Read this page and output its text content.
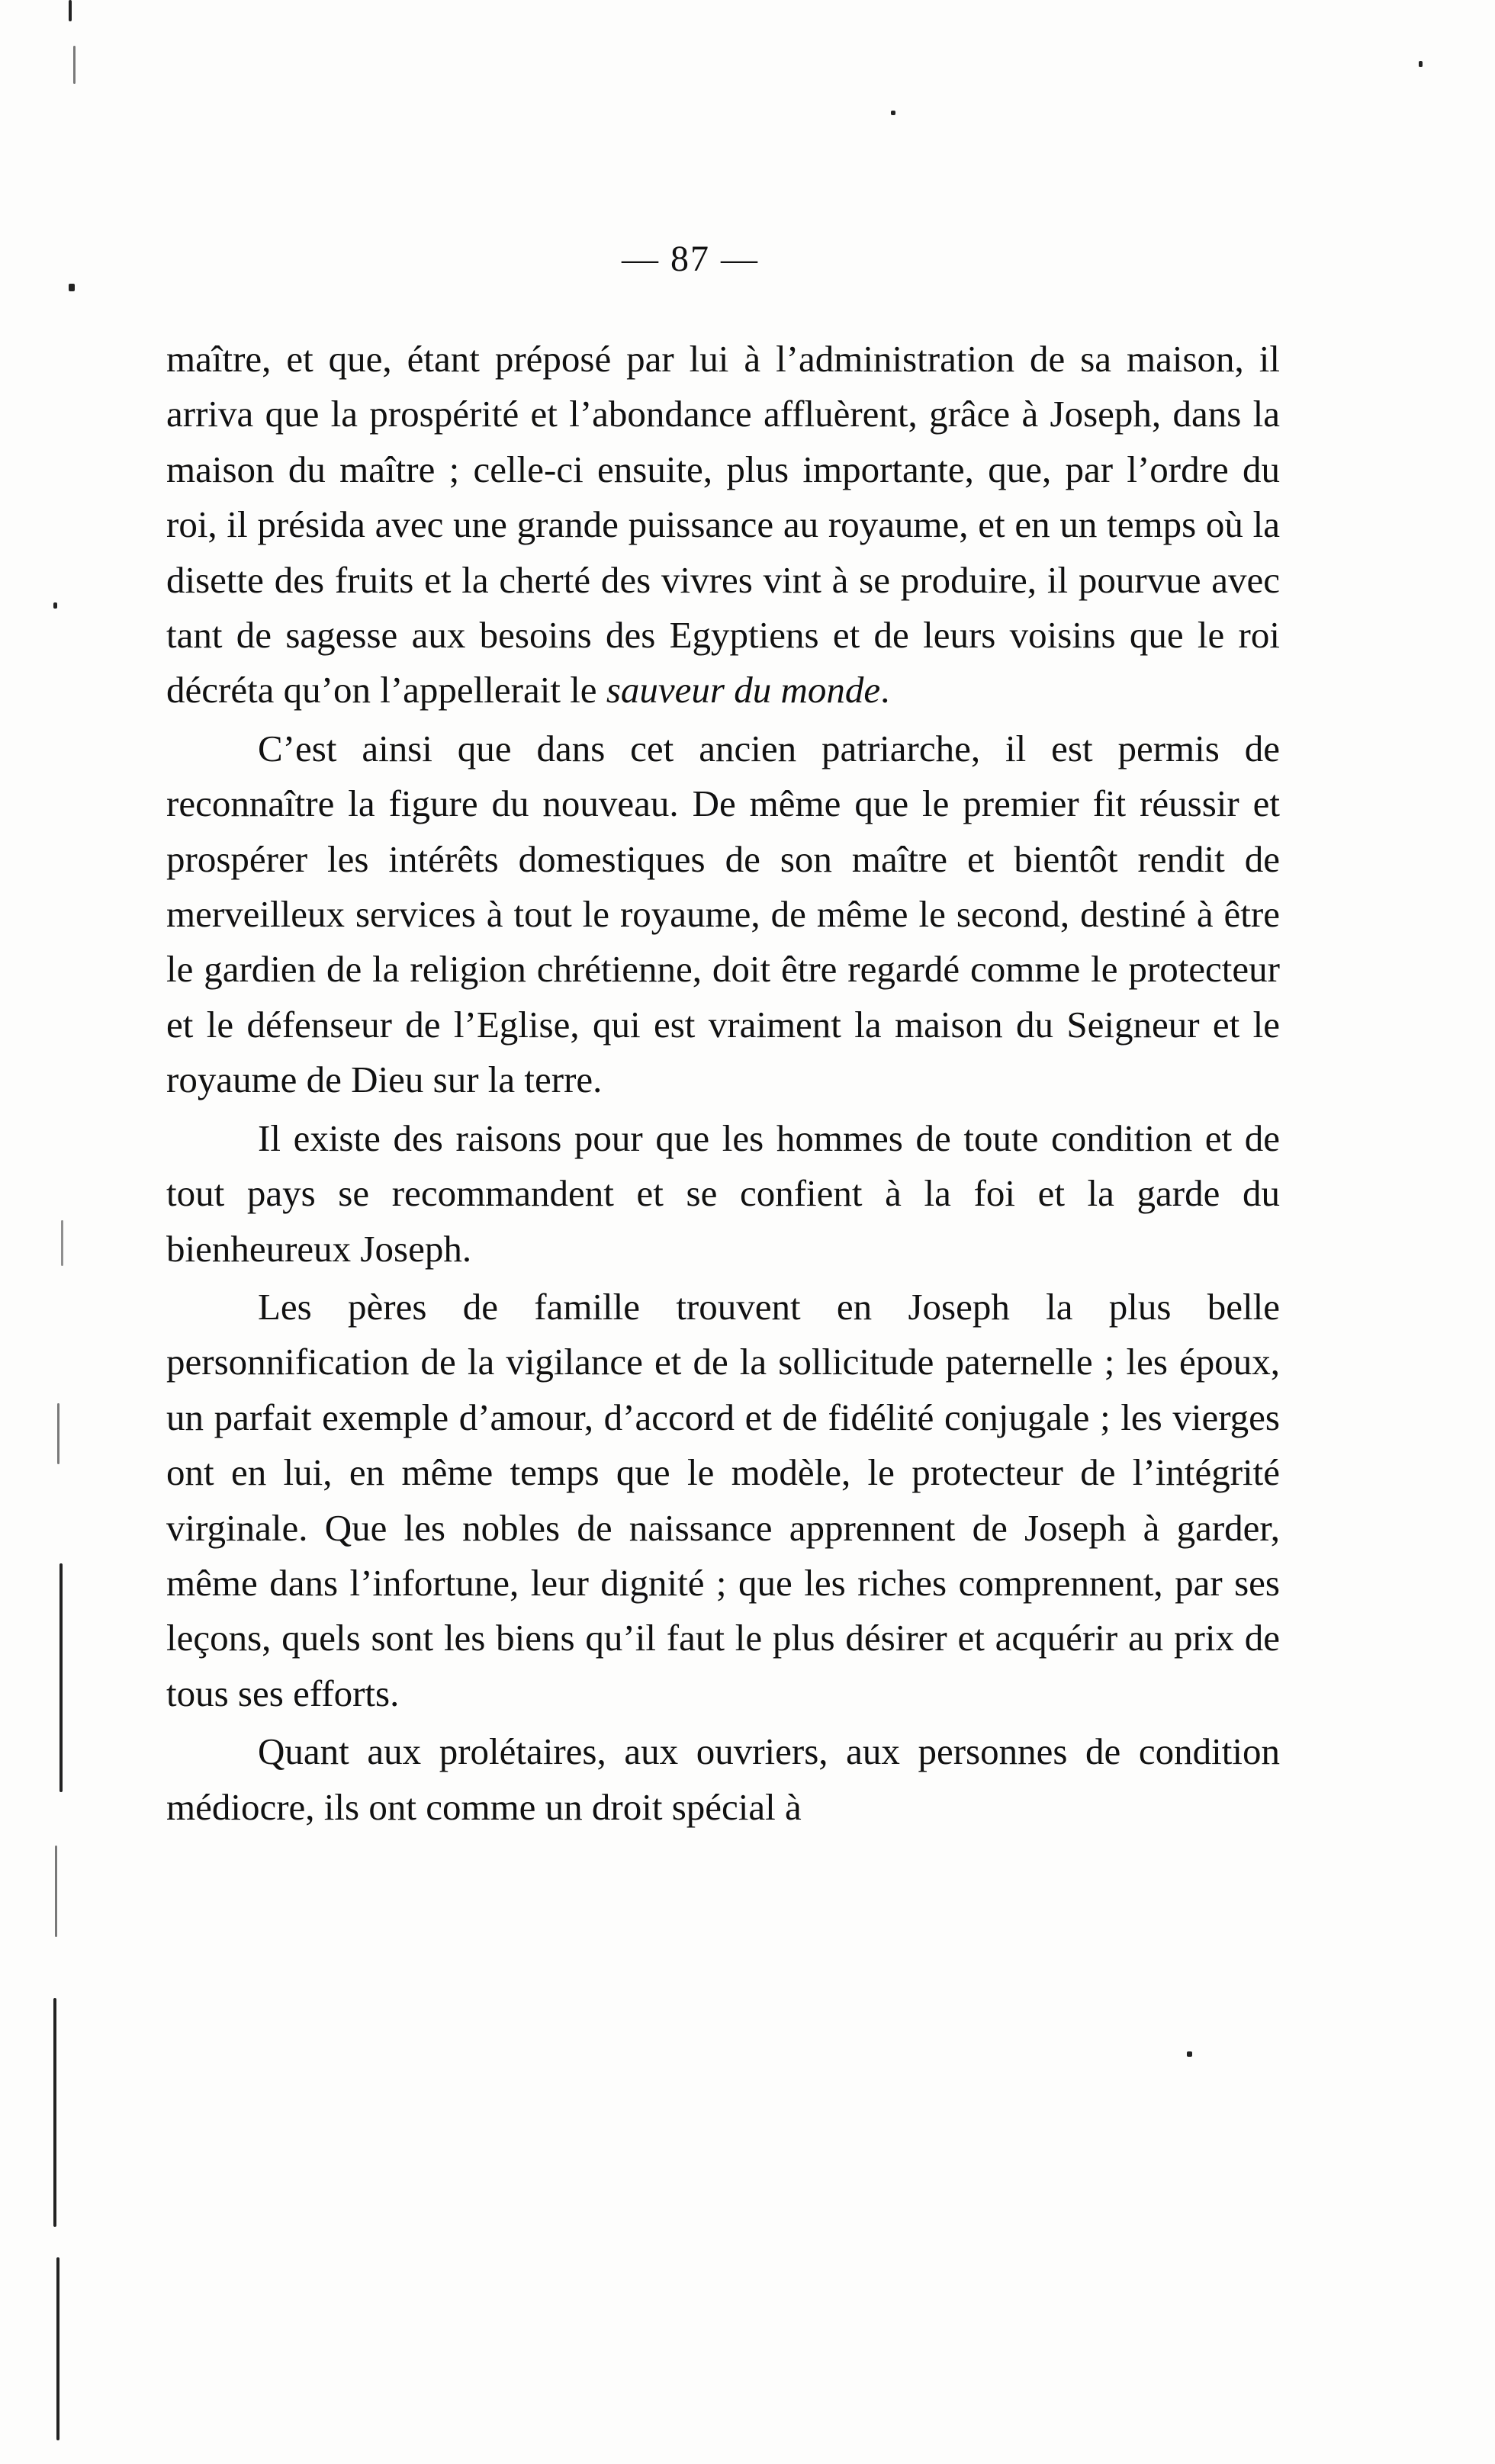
— 87 —

maître, et que, étant préposé par lui à l’administration de sa maison, il arriva que la prospérité et l’abondance affluèrent, grâce à Joseph, dans la maison du maître ; celle-ci ensuite, plus importante, que, par l’ordre du roi, il présida avec une grande puissance au royaume, et en un temps où la disette des fruits et la cherté des vivres vint à se produire, il pourvue avec tant de sagesse aux besoins des Egyptiens et de leurs voisins que le roi décréta qu’on l’appellerait le sauveur du monde.

C’est ainsi que dans cet ancien patriarche, il est permis de reconnaître la figure du nouveau. De même que le premier fit réussir et prospérer les intérêts domestiques de son maître et bientôt rendit de merveilleux services à tout le royaume, de même le second, destiné à être le gardien de la religion chrétienne, doit être regardé comme le protecteur et le défenseur de l’Eglise, qui est vraiment la maison du Seigneur et le royaume de Dieu sur la terre.

Il existe des raisons pour que les hommes de toute condition et de tout pays se recommandent et se confient à la foi et la garde du bienheureux Joseph.

Les pères de famille trouvent en Joseph la plus belle personnification de la vigilance et de la sollicitude paternelle ; les époux, un parfait exemple d’amour, d’accord et de fidélité conjugale ; les vierges ont en lui, en même temps que le modèle, le protecteur de l’intégrité virginale. Que les nobles de naissance apprennent de Joseph à garder, même dans l’infortune, leur dignité ; que les riches comprennent, par ses leçons, quels sont les biens qu’il faut le plus désirer et acquérir au prix de tous ses efforts.

Quant aux prolétaires, aux ouvriers, aux personnes de condition médiocre, ils ont comme un droit spécial à
